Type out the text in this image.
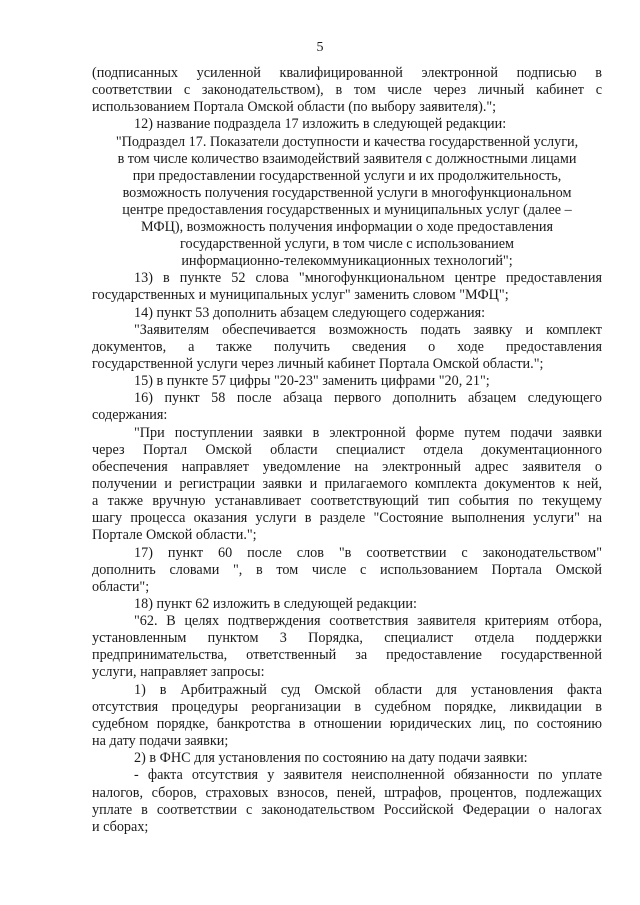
5
(подписанных усиленной квалифицированной электронной подписью в
соответствии с законодательством), в том числе через личный кабинет с
использованием Портала Омской области (по выбору заявителя).";
12) название подраздела 17 изложить в следующей редакции:
"Подраздел 17. Показатели доступности и качества государственной услуги,
в том числе количество взаимодействий заявителя с должностными лицами
при предоставлении государственной услуги и их продолжительность,
возможность получения государственной услуги в многофункциональном
центре предоставления государственных и муниципальных услуг (далее –
МФЦ), возможность получения информации о ходе предоставления
государственной услуги, в том числе с использованием
информационно-телекоммуникационных технологий";
13) в пункте 52 слова "многофункциональном центре предоставления
государственных и муниципальных услуг" заменить словом "МФЦ";
14) пункт 53 дополнить абзацем следующего содержания:
"Заявителям обеспечивается возможность подать заявку и комплект
документов, а также получить сведения о ходе предоставления
государственной услуги через личный кабинет Портала Омской области.";
15) в пункте 57 цифры "20-23" заменить цифрами "20, 21";
16) пункт 58 после абзаца первого дополнить абзацем следующего
содержания:
"При поступлении заявки в электронной форме путем подачи заявки
через Портал Омской области специалист отдела документационного
обеспечения направляет уведомление на электронный адрес заявителя о
получении и регистрации заявки и прилагаемого комплекта документов к ней,
а также вручную устанавливает соответствующий тип события по текущему
шагу процесса оказания услуги в разделе "Состояние выполнения услуги" на
Портале Омской области.";
17) пункт 60 после слов "в соответствии с законодательством"
дополнить словами ", в том числе с использованием Портала Омской
области";
18) пункт 62 изложить в следующей редакции:
"62. В целях подтверждения соответствия заявителя критериям отбора,
установленным пунктом 3 Порядка, специалист отдела поддержки
предпринимательства, ответственный за предоставление государственной
услуги, направляет запросы:
1) в Арбитражный суд Омской области для установления факта
отсутствия процедуры реорганизации в судебном порядке, ликвидации в
судебном порядке, банкротства в отношении юридических лиц, по состоянию
на дату подачи заявки;
2) в ФНС для установления по состоянию на дату подачи заявки:
- факта отсутствия у заявителя неисполненной обязанности по уплате
налогов, сборов, страховых взносов, пеней, штрафов, процентов, подлежащих
уплате в соответствии с законодательством Российской Федерации о налогах
и сборах;
